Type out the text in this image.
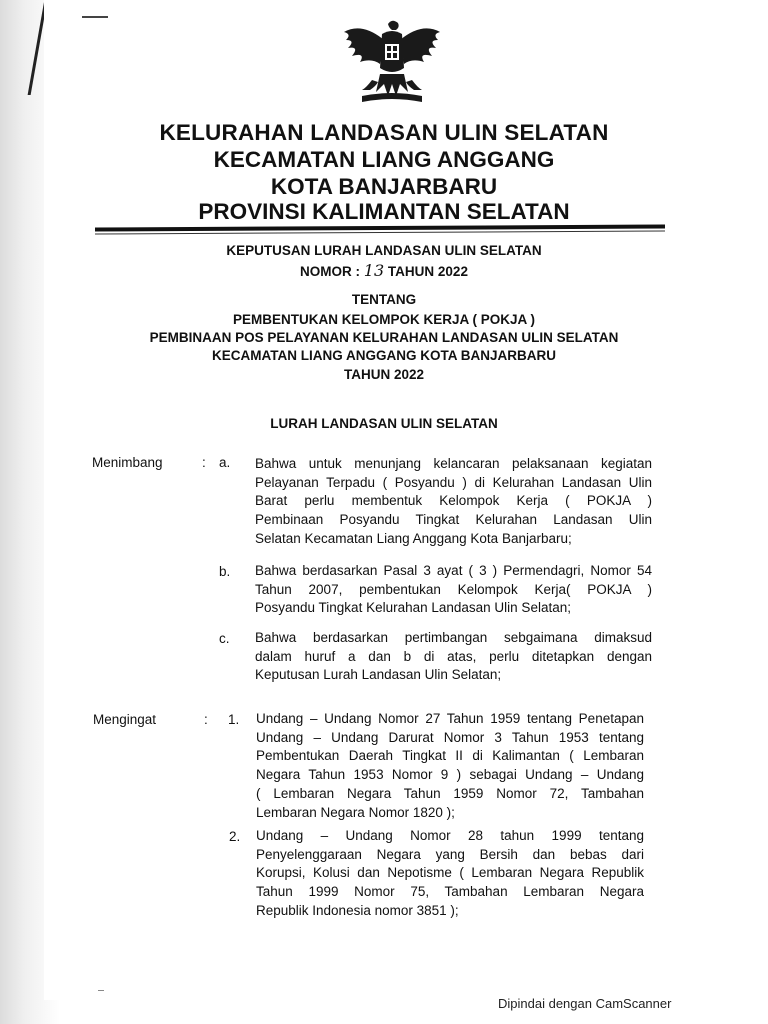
KELURAHAN LANDASAN ULIN SELATAN
KECAMATAN LIANG ANGGANG
KOTA BANJARBARU
PROVINSI KALIMANTAN SELATAN
KEPUTUSAN LURAH LANDASAN ULIN SELATAN
NOMOR : 13 TAHUN 2022
TENTANG
PEMBENTUKAN KELOMPOK KERJA ( POKJA )
PEMBINAAN POS PELAYANAN KELURAHAN LANDASAN ULIN SELATAN
KECAMATAN LIANG ANGGANG KOTA BANJARBARU
TAHUN 2022
LURAH LANDASAN ULIN SELATAN
Menimbang	: a. Bahwa untuk menunjang kelancaran pelaksanaan kegiatan
Pelayanan Terpadu ( Posyandu ) di Kelurahan Landasan Ulin
Barat perlu membentuk Kelompok Kerja ( POKJA )
Pembinaan Posyandu Tingkat Kelurahan Landasan Ulin
Selatan Kecamatan Liang Anggang Kota Banjarbaru;
b. Bahwa berdasarkan Pasal 3 ayat ( 3 ) Permendagri, Nomor 54
Tahun 2007, pembentukan Kelompok Kerja( POKJA )
Posyandu Tingkat Kelurahan Landasan Ulin Selatan;
c. Bahwa berdasarkan pertimbangan sebgaimana dimaksud
dalam huruf a dan b di atas, perlu ditetapkan dengan
Keputusan Lurah Landasan Ulin Selatan;
Mengingat	: 1. Undang – Undang Nomor 27 Tahun 1959 tentang Penetapan
Undang – Undang Darurat Nomor 3 Tahun 1953 tentang
Pembentukan Daerah Tingkat II di Kalimantan ( Lembaran
Negara Tahun 1953 Nomor 9 ) sebagai Undang – Undang
( Lembaran Negara Tahun 1959 Nomor 72, Tambahan
Lembaran Negara Nomor 1820 );
2. Undang – Undang Nomor 28 tahun 1999 tentang
Penyelenggaraan Negara yang Bersih dan bebas dari
Korupsi, Kolusi dan Nepotisme ( Lembaran Negara Republik
Tahun 1999 Nomor 75, Tambahan Lembaran Negara
Republik Indonesia nomor 3851 );
Dipindai dengan CamScanner
